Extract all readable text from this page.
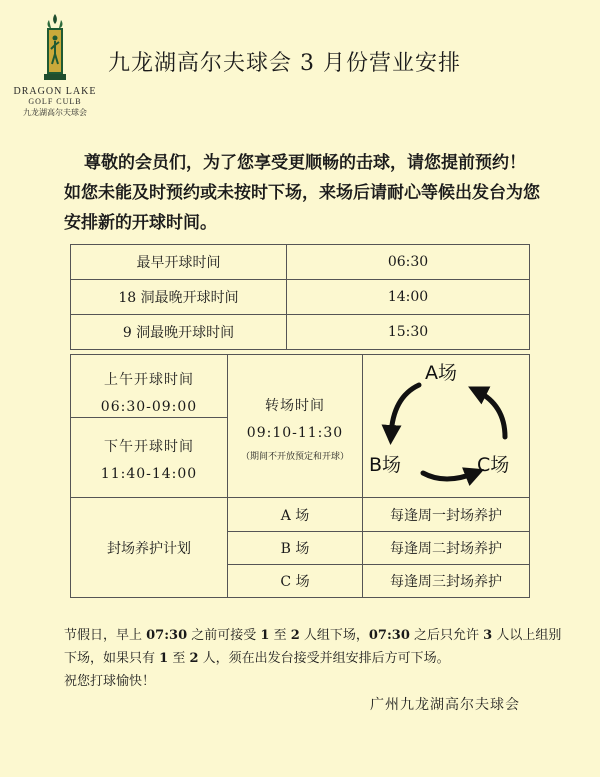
DRAGON LAKE
GOLF CULB
九龙湖高尔夫球会
九龙湖高尔夫球会 3 月份营业安排
尊敬的会员们，为了您享受更顺畅的击球，请您提前预约！
如您未能及时预约或未按时下场，来场后请耐心等候出发台为您安排新的开球时间。
最早开球时间	06:30
18 洞最晚开球时间	14:00
9 洞最晚开球时间	15:30
上午开球时间
06:30-09:00
下午开球时间
11:40-14:00
转场时间
09:10-11:30
（期间不开放预定和开球）
A场
B场	C场
封场养护计划
A 场	每逢周一封场养护
B 场	每逢周二封场养护
C 场	每逢周三封场养护
节假日，早上 07:30 之前可接受 1 至 2 人组下场，07:30 之后只允许 3 人以上组别下场，如果只有 1 至 2 人，须在出发台接受并组安排后方可下场。
祝您打球愉快！
广州九龙湖高尔夫球会
